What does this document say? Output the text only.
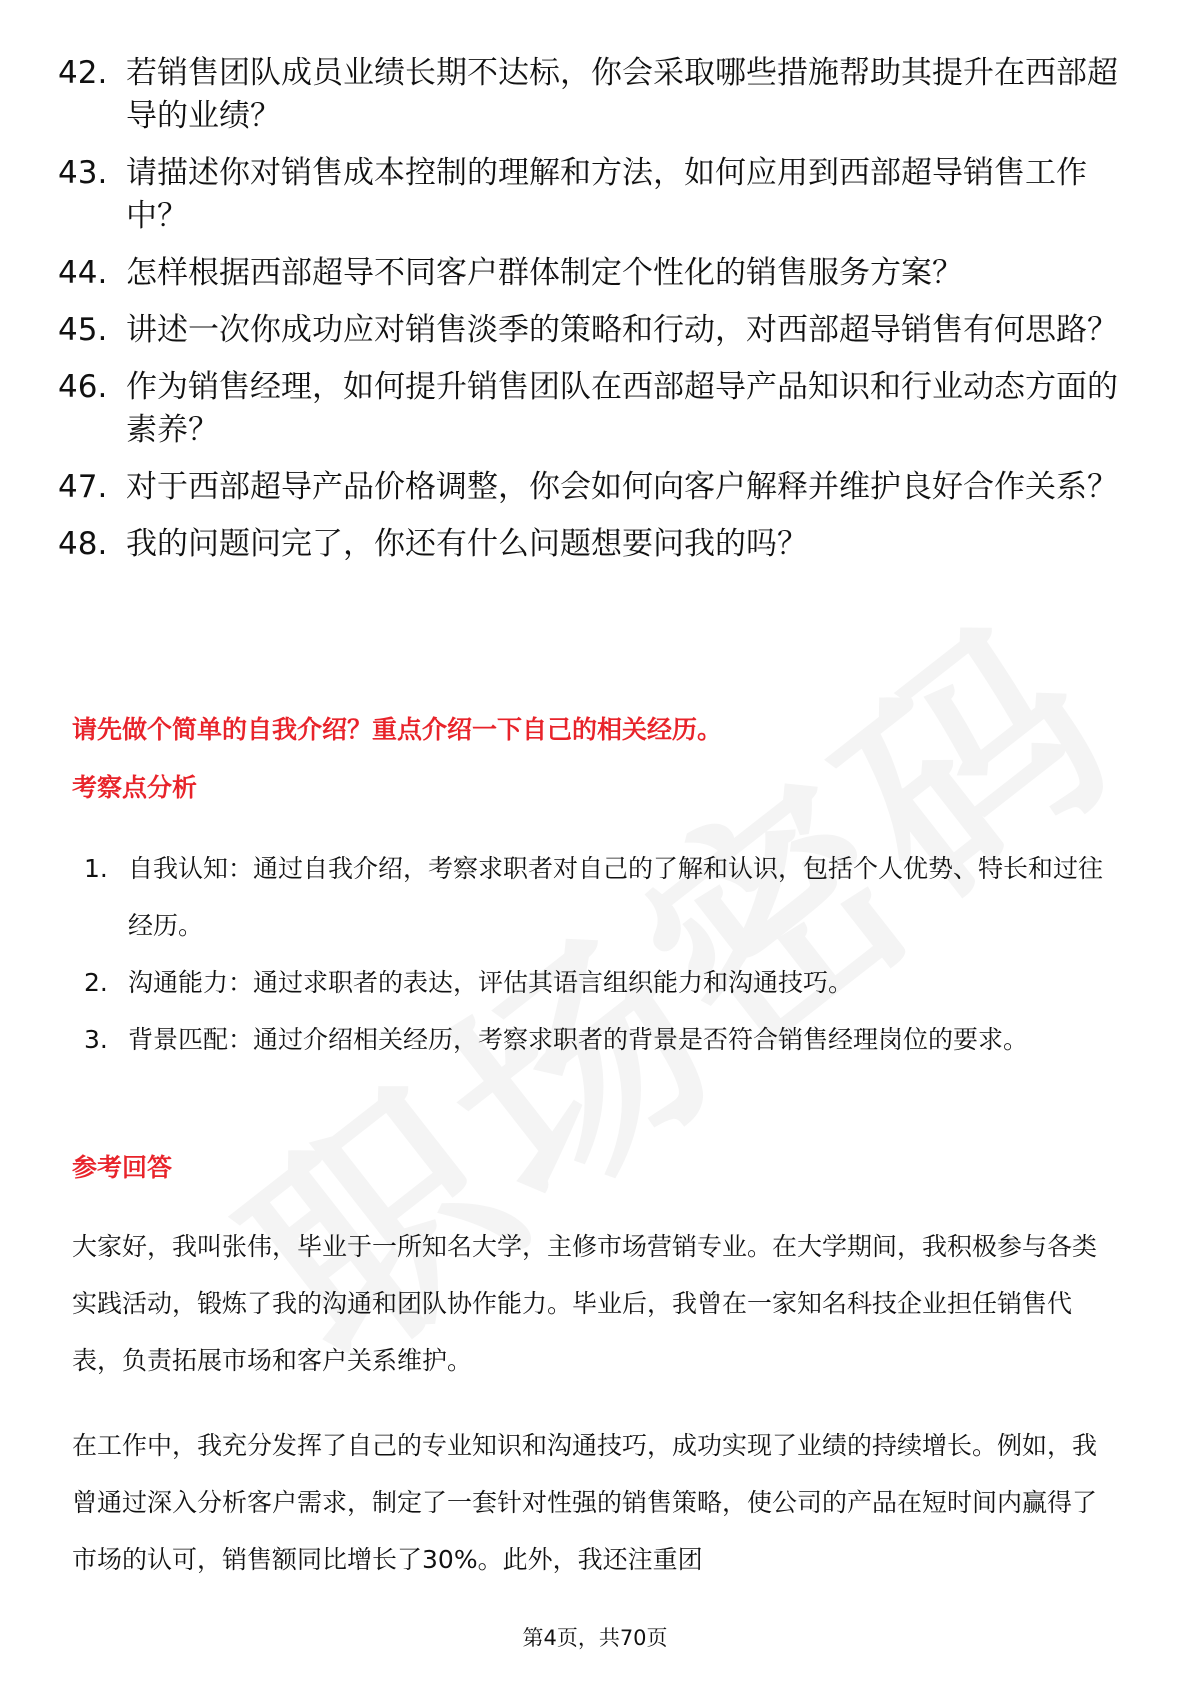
42. 若销售团队成员业绩长期不达标，你会采取哪些措施帮助其提升在西部超导的业绩？
43. 请描述你对销售成本控制的理解和方法，如何应用到西部超导销售工作中？
44. 怎样根据西部超导不同客户群体制定个性化的销售服务方案？
45. 讲述一次你成功应对销售淡季的策略和行动，对西部超导销售有何思路？
46. 作为销售经理，如何提升销售团队在西部超导产品知识和行业动态方面的素养？
47. 对于西部超导产品价格调整，你会如何向客户解释并维护良好合作关系？
48. 我的问题问完了，你还有什么问题想要问我的吗？
请先做个简单的自我介绍？重点介绍一下自己的相关经历。
考察点分析
1. 自我认知：通过自我介绍，考察求职者对自己的了解和认识，包括个人优势、特长和过往经历。
2. 沟通能力：通过求职者的表达，评估其语言组织能力和沟通技巧。
3. 背景匹配：通过介绍相关经历，考察求职者的背景是否符合销售经理岗位的要求。
参考回答

大家好，我叫张伟，毕业于一所知名大学，主修市场营销专业。在大学期间，我积极参与各类实践活动，锻炼了我的沟通和团队协作能力。毕业后，我曾在一家知名科技企业担任销售代表，负责拓展市场和客户关系维护。

在工作中，我充分发挥了自己的专业知识和沟通技巧，成功实现了业绩的持续增长。例如，我曾通过深入分析客户需求，制定了一套针对性强的销售策略，使公司的产品在短时间内赢得了市场的认可，销售额同比增长了30%。此外，我还注重团

第4页，共70页
